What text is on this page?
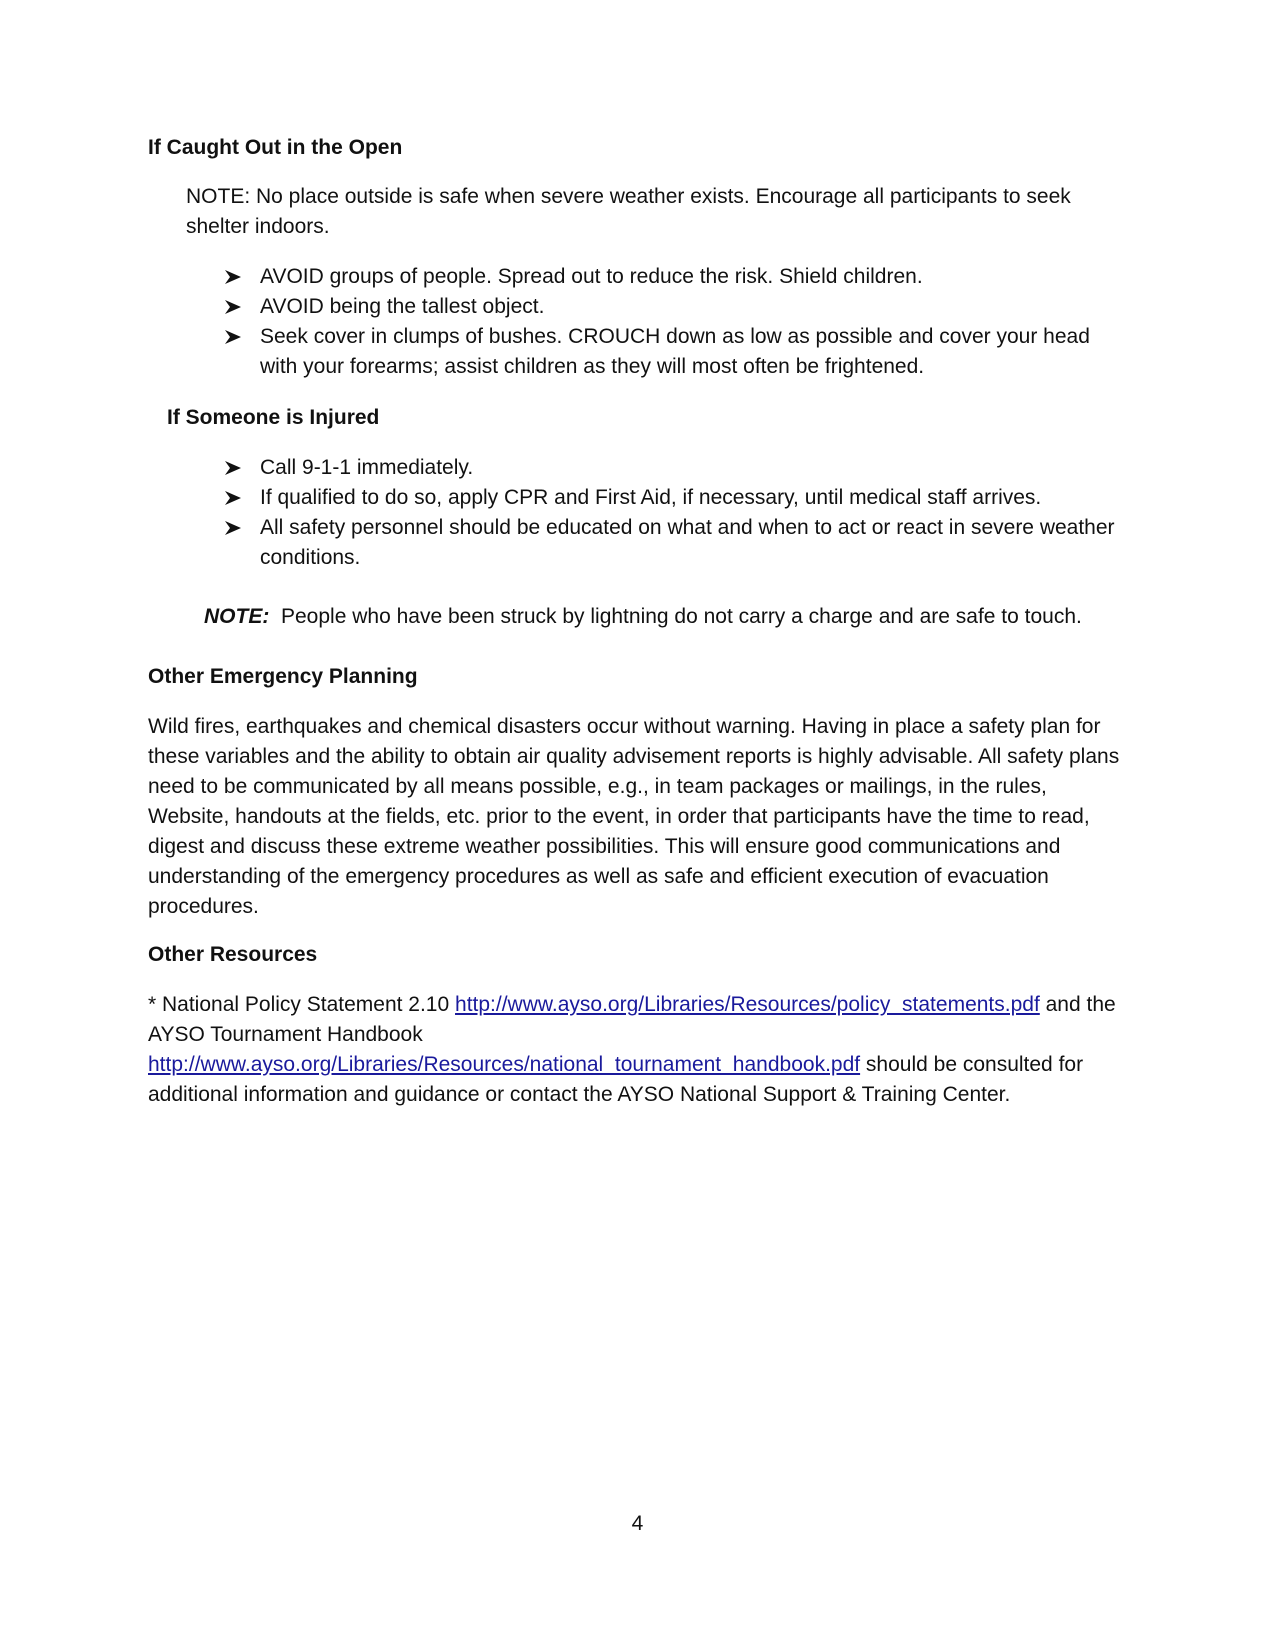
If Caught Out in the Open
NOTE: No place outside is safe when severe weather exists. Encourage all participants to seek shelter indoors.
AVOID groups of people. Spread out to reduce the risk. Shield children.
AVOID being the tallest object.
Seek cover in clumps of bushes. CROUCH down as low as possible and cover your head with your forearms; assist children as they will most often be frightened.
If Someone is Injured
Call 9-1-1 immediately.
If qualified to do so, apply CPR and First Aid, if necessary, until medical staff arrives.
All safety personnel should be educated on what and when to act or react in severe weather conditions.
NOTE: People who have been struck by lightning do not carry a charge and are safe to touch.
Other Emergency Planning
Wild fires, earthquakes and chemical disasters occur without warning. Having in place a safety plan for these variables and the ability to obtain air quality advisement reports is highly advisable. All safety plans need to be communicated by all means possible, e.g., in team packages or mailings, in the rules, Website, handouts at the fields, etc. prior to the event, in order that participants have the time to read, digest and discuss these extreme weather possibilities. This will ensure good communications and understanding of the emergency procedures as well as safe and efficient execution of evacuation procedures.
Other Resources
* National Policy Statement 2.10 http://www.ayso.org/Libraries/Resources/policy_statements.pdf and the AYSO Tournament Handbook http://www.ayso.org/Libraries/Resources/national_tournament_handbook.pdf should be consulted for additional information and guidance or contact the AYSO National Support & Training Center.
4
